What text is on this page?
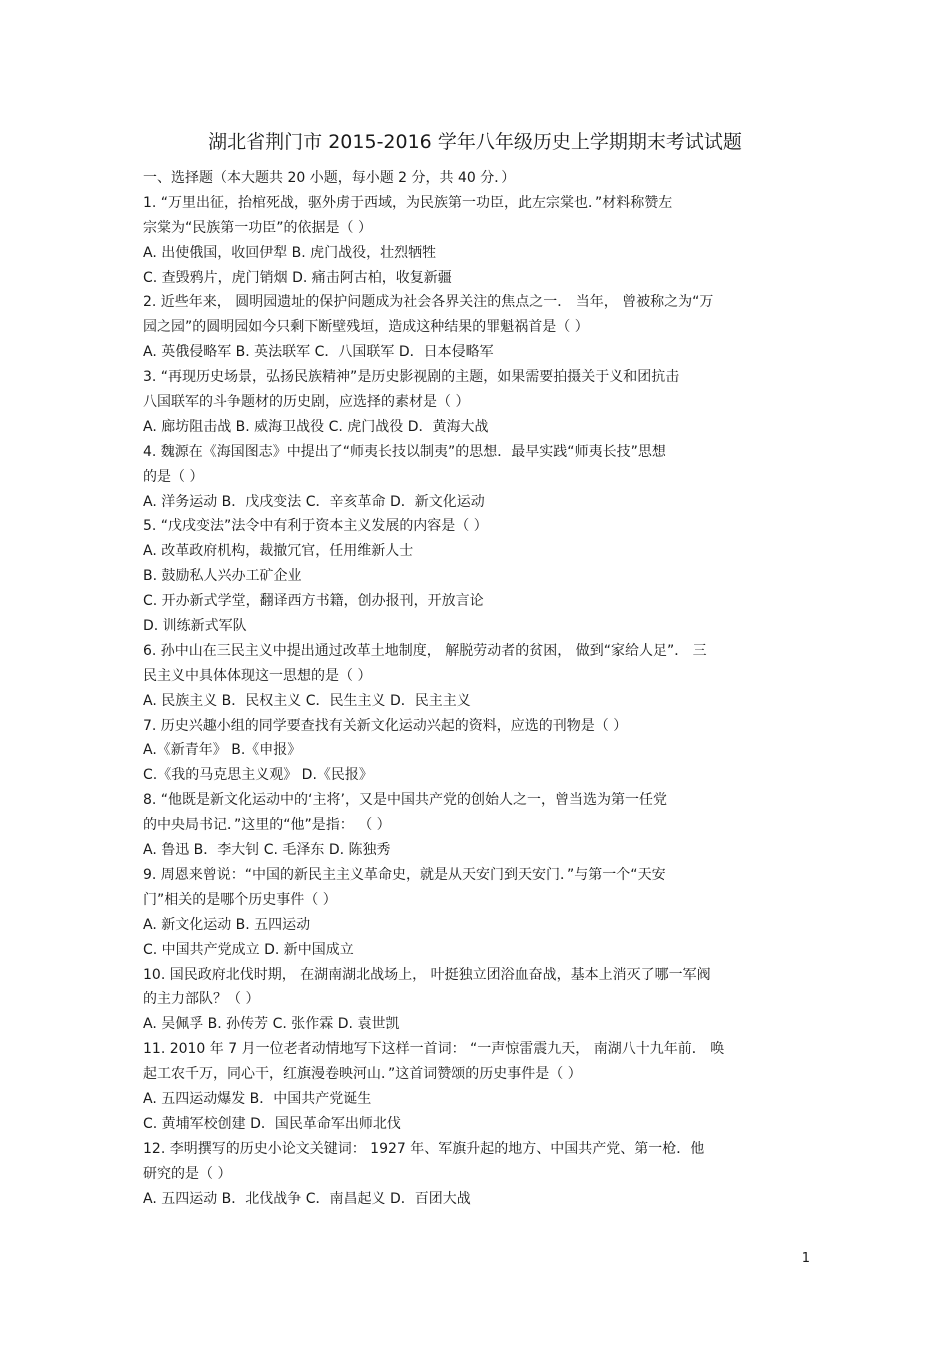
湖北省荆门市 2015-2016 学年八年级历史上学期期末考试试题
一、选择题（本大题共 20 小题，每小题 2 分，共 40 分．）
1. “万里出征，抬棺死战，驱外虏于西域，为民族第一功臣，此左宗棠也．”材料称赞左
宗棠为“民族第一功臣”的依据是（ ）
A. 出使俄国，收回伊犁 B. 虎门战役，壮烈牺牲
C. 查毁鸦片，虎门销烟 D. 痛击阿古柏，收复新疆
2. 近些年来， 圆明园遗址的保护问题成为社会各界关注的焦点之一． 当年， 曾被称之为“万
园之园”的圆明园如今只剩下断壁残垣，造成这种结果的罪魁祸首是（ ）
A. 英俄侵略军 B. 英法联军 C．八国联军 D．日本侵略军
3. “再现历史场景，弘扬民族精神”是历史影视剧的主题，如果需要拍摄关于义和团抗击
八国联军的斗争题材的历史剧，应选择的素材是（ ）
A. 廊坊阻击战 B. 威海卫战役 C. 虎门战役 D．黄海大战
4. 魏源在《海国图志》中提出了“师夷长技以制夷”的思想．最早实践“师夷长技”思想
的是（ ）
A. 洋务运动 B．戊戌变法 C．辛亥革命 D．新文化运动
5. “戊戌变法”法令中有利于资本主义发展的内容是（ ）
A. 改革政府机构，裁撤冗官，任用维新人士
B. 鼓励私人兴办工矿企业
C. 开办新式学堂，翻译西方书籍，创办报刊，开放言论
D. 训练新式军队
6. 孙中山在三民主义中提出通过改革土地制度， 解脱劳动者的贫困， 做到“家给人足”． 三
民主义中具体体现这一思想的是（ ）
A. 民族主义 B．民权主义 C．民生主义 D．民主主义
7. 历史兴趣小组的同学要查找有关新文化运动兴起的资料，应选的刊物是（ ）
A.《新青年》 B.《申报》
C.《我的马克思主义观》 D.《民报》
8. “他既是新文化运动中的‘主将’，又是中国共产党的创始人之一，曾当选为第一任党
的中央局书记．”这里的“他”是指： （ ）
A. 鲁迅 B．李大钊 C. 毛泽东 D. 陈独秀
9. 周恩来曾说：“中国的新民主主义革命史，就是从天安门到天安门．”与第一个“天安
门”相关的是哪个历史事件（ ）
A. 新文化运动 B. 五四运动
C. 中国共产党成立 D. 新中国成立
10. 国民政府北伐时期， 在湖南湖北战场上， 叶挺独立团浴血奋战，基本上消灭了哪一军阀
的主力部队？（ ）
A. 吴佩孚 B. 孙传芳 C. 张作霖 D. 袁世凯
11. 2010 年 7 月一位老者动情地写下这样一首词： “一声惊雷震九天， 南湖八十九年前． 唤
起工农千万，同心干，红旗漫卷映河山．”这首词赞颂的历史事件是（ ）
A. 五四运动爆发 B．中国共产党诞生
C. 黄埔军校创建 D．国民革命军出师北伐
12. 李明撰写的历史小论文关键词： 1927 年、军旗升起的地方、中国共产党、第一枪．他
研究的是（ ）
A. 五四运动 B．北伐战争 C．南昌起义 D．百团大战
1
